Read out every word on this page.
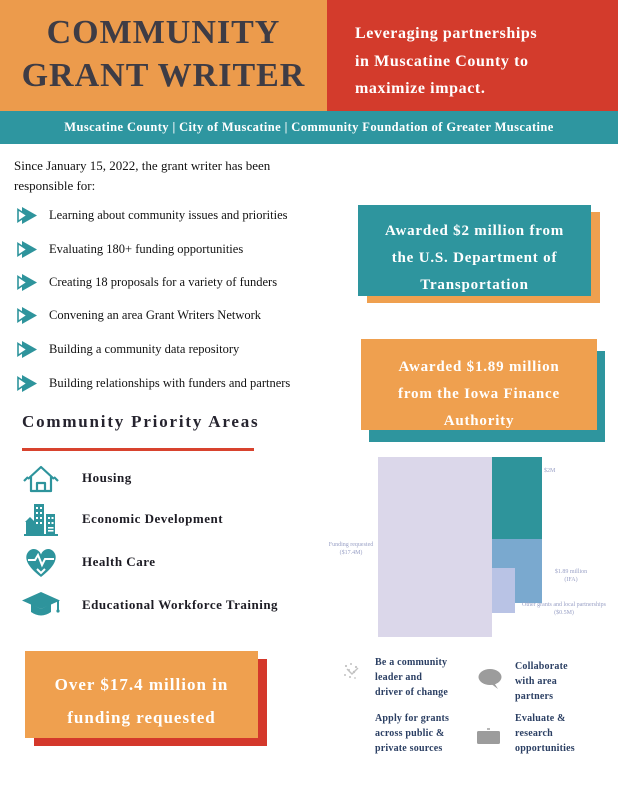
COMMUNITY
GRANT WRITER
Leveraging partnerships
in Muscatine County to
maximize impact.
Muscatine County | City of Muscatine | Community Foundation of Greater Muscatine
Since January 15, 2022, the grant writer has been
responsible for:
Learning about community issues and priorities
Evaluating 180+ funding opportunities
Creating 18 proposals for a variety of funders
Convening an area Grant Writers Network
Building a community data repository
Building relationships with funders and partners
Community Priority Areas
Housing
Economic Development
Health Care
Educational Workforce Training
Awarded $2 million from
the U.S. Department of
Transportation
Awarded $1.89 million
from the Iowa Finance
Authority
Over $17.4 million in
funding requested
Funding requested
($17.4M)
$2M
$1.89 million
(IFA)
Other grants and local partnerships
($0.5M)
Be a community
leader and
driver of change
Collaborate
with area
partners
Apply for grants
across public &
private sources
Evaluate &
research
opportunities
